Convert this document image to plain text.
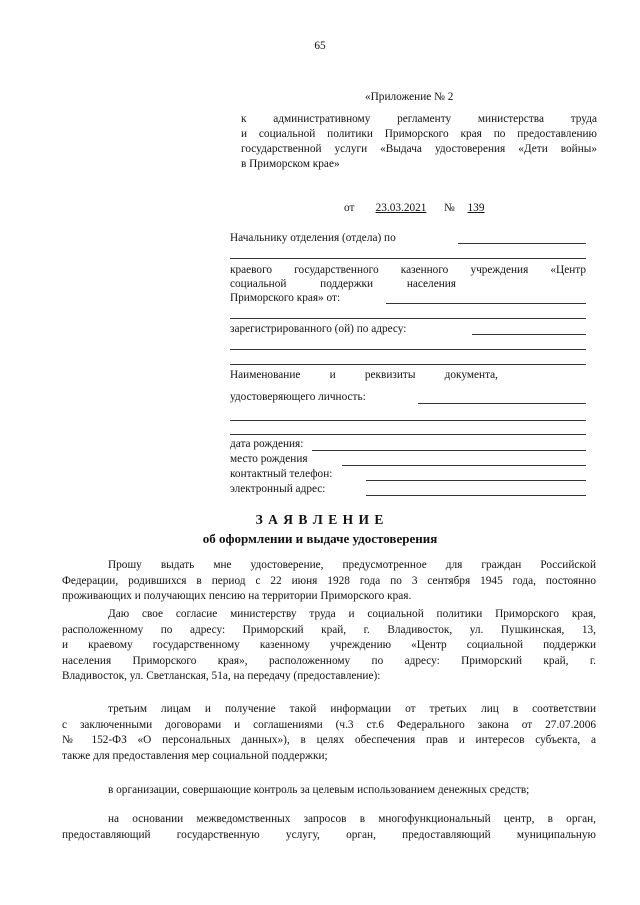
65
«Приложение № 2
к административному регламенту министерства труда
и социальной политики Приморского края по предоставлению
государственной услуги «Выдача удостоверения «Дети войны»
в Приморском крае»
от	23.03.2021	№	139
Начальнику отделения (отдела) по
краевого государственного казенного учреждения «Центр
социальной поддержки населения
Приморского края» от:
зарегистрированного (ой) по адресу:
Наименование и реквизиты документа,
удостоверяющего личность:
дата рождения:
место рождения
контактный телефон:
электронный адрес:
З А Я В Л Е Н И Е
об оформлении и выдаче удостоверения
Прошу выдать мне удостоверение, предусмотренное для граждан Российской
Федерации, родившихся в период с 22 июня 1928 года по 3 сентября 1945 года, постоянно
проживающих и получающих пенсию на территории Приморского края.
Даю свое согласие министерству труда и социальной политики Приморского края,
расположенному по адресу: Приморский край, г. Владивосток, ул. Пушкинская, 13,
и краевому государственному казенному учреждению «Центр социальной поддержки
населения Приморского края», расположенному по адресу: Приморский край, г.
Владивосток, ул. Светланская, 51а, на передачу (предоставление):
третьим лицам и получение такой информации от третьих лиц в соответствии
с заключенными договорами и соглашениями (ч.3 ст.6 Федерального закона от 27.07.2006
№ 152-ФЗ «О персональных данных»), в целях обеспечения прав и интересов субъекта, а
также для предоставления мер социальной поддержки;
в организации, совершающие контроль за целевым использованием денежных средств;
на основании межведомственных запросов в многофункциональный центр, в орган,
предоставляющий государственную услугу, орган, предоставляющий муниципальную
